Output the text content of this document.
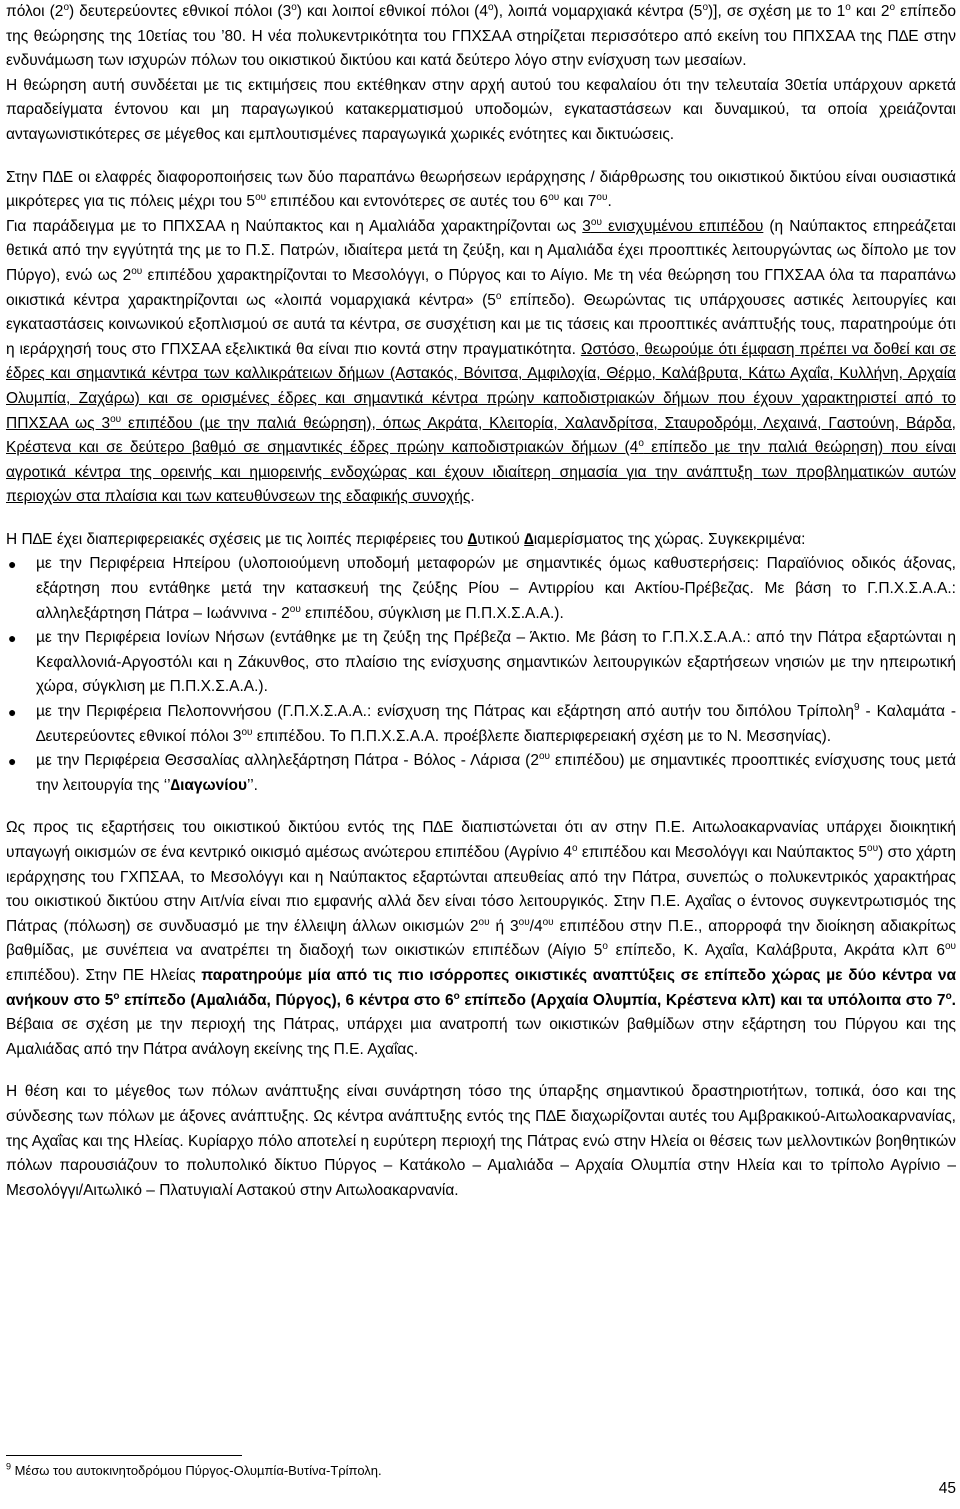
πόλοι $(2^o)$ δευτερεύοντες εθνικοί πόλοι $(3^o)$ και λοιποί εθνικοί πόλοι $(4^o)$, λοιπά νοµαρχιακά κέντρα $(5^o)$], σε σχέση µε το $1^o$ και $2^o$ επίπεδο της θεώρησης της 10ετίας του ’80. Η νέα πολυκεντρικότητα του ΓΠΧΣΑΑ στηρίζεται περισσότερο από εκείνη του ΠΠΧΣΑΑ της Π∆Ε στην ενδυνάµωση των ισχυρών πόλων του οικιστικού δικτύου και κατά δεύτερο λόγο στην ενίσχυση των µεσαίων.
Η θεώρηση αυτή συνδέεται µε τις εκτιµήσεις που εκτέθηκαν στην αρχή αυτού του κεφαλαίου ότι την τελευταία 30ετία υπάρχουν αρκετά παραδείγµατα έντονου και µη παραγωγικού κατακερµατισµού υποδοµών, εγκαταστάσεων και δυναµικού, τα οποία χρειάζονται ανταγωνιστικότερες σε µέγεθος και εµπλουτισµένες παραγωγικά χωρικές ενότητες και δικτυώσεις.

Στην Π∆Ε οι ελαφρές διαφοροποιήσεις των δύο παραπάνω θεωρήσεων ιεράρχησης / διάρθρωσης του οικιστικού δικτύου είναι ουσιαστικά µικρότερες για τις πόλεις µέχρι του $5^{o\upsilon}$ επιπέδου και εντονότερες σε αυτές του $6^{o\upsilon}$ και $7^{o\upsilon}$.
Για παράδειγµα µε το ΠΠΧΣΑΑ η Ναύπακτος και η Αµαλιάδα χαρακτηρίζονται ως $3^{o\upsilon}$ ενισχυµένου επιπέδου (η Ναύπακτος επηρεάζεται θετικά από την εγγύτητά της µε το Π.Σ. Πατρών, ιδιαίτερα µετά τη ζεύξη, και η Αµαλιάδα έχει προοπτικές λειτουργώντας ως δίπολο µε τον Πύργο), ενώ ως $2^{o\upsilon}$ επιπέδου χαρακτηρίζονται το Μεσολόγγι, ο Πύργος και το Αίγιο. Με τη νέα θεώρηση του ΓΠΧΣΑΑ όλα τα παραπάνω οικιστικά κέντρα χαρακτηρίζονται ως «λοιπά νοµαρχιακά κέντρα» ($5^o$ επίπεδο). Θεωρώντας τις υπάρχουσες αστικές λειτουργίες και εγκαταστάσεις κοινωνικού εξοπλισµού σε αυτά τα κέντρα, σε συσχέτιση και µε τις τάσεις και προοπτικές ανάπτυξής τους, παρατηρούµε ότι η ιεράρχησή τους στο ΓΠΧΣΑΑ εξελικτικά θα είναι πιο κοντά στην πραγµατικότητα. Ωστόσο, θεωρούµε ότι έµφαση πρέπει να δοθεί και σε έδρες και σηµαντικά κέντρα των καλλικράτειων δήµων (Αστακός, Βόνιτσα, Αµφιλοχία, Θέρµο, Καλάβρυτα, Κάτω Αχαΐα, Κυλλήνη, Αρχαία Ολυµπία, Ζαχάρω) και σε ορισµένες έδρες και σηµαντικά κέντρα πρώην καποδιστριακών δήµων που έχουν χαρακτηριστεί από το ΠΠΧΣΑΑ ως $3^{o\upsilon}$ επιπέδου (µε την παλιά θεώρηση), όπως Ακράτα, Κλειτορία, Χαλανδρίτσα, Σταυροδρόµι, Λεχαινά, Γαστούνη, Βάρδα, Κρέστενα και σε δεύτερο βαθµό σε σηµαντικές έδρες πρώην καποδιστριακών δήµων ($4^o$ επίπεδο µε την παλιά θεώρηση) που είναι αγροτικά κέντρα της ορεινής και ηµιορεινής ενδοχώρας και έχουν ιδιαίτερη σηµασία για την ανάπτυξη των προβληµατικών αυτών περιοχών στα πλαίσια και των κατευθύνσεων της εδαφικής συνοχής.

Η Π∆Ε έχει διαπεριφερειακές σχέσεις µε τις λοιπές περιφέρειες του ∆υτικού ∆ιαµερίσµατος της χώρας. Συγκεκριµένα:

● µε την Περιφέρεια Ηπείρου (υλοποιούµενη υποδοµή µεταφορών µε σηµαντικές όµως καθυστερήσεις: Παραϊόνιος οδικός άξονας, εξάρτηση που εντάθηκε µετά την κατασκευή της ζεύξης Ρίου – Αντιρρίου και Ακτίου-Πρέβεζας. Με βάση το Γ.Π.Χ.Σ.Α.Α.: αλληλεξάρτηση Πάτρα – Ιωάννινα - $2^{o\upsilon}$ επιπέδου, σύγκλιση µε Π.Π.Χ.Σ.Α.Α.).
● µε την Περιφέρεια Ιονίων Νήσων (εντάθηκε µε τη ζεύξη της Πρέβεζα – Άκτιο. Με βάση το Γ.Π.Χ.Σ.Α.Α.: από την Πάτρα εξαρτώνται η Κεφαλλονιά-Αργοστόλι και η Ζάκυνθος, στο πλαίσιο της ενίσχυσης σηµαντικών λειτουργικών εξαρτήσεων νησιών µε την ηπειρωτική χώρα, σύγκλιση µε Π.Π.Χ.Σ.Α.Α.).
● µε την Περιφέρεια Πελοποννήσου (Γ.Π.Χ.Σ.Α.Α.: ενίσχυση της Πάτρας και εξάρτηση από αυτήν του διπόλου Τρίπολη$^9$ - Καλαµάτα - ∆ευτερεύοντες εθνικοί πόλοι $3^{o\upsilon}$ επιπέδου. Το Π.Π.Χ.Σ.Α.Α. προέβλεπε διαπεριφερειακή σχέση µε το Ν. Μεσσηνίας).
● µε την Περιφέρεια Θεσσαλίας αλληλεξάρτηση Πάτρα - Βόλος - Λάρισα ($2^{o\upsilon}$ επιπέδου) µε σηµαντικές προοπτικές ενίσχυσης τους µετά την λειτουργία της ‘’∆ιαγωνίου’’.

Ως προς τις εξαρτήσεις του οικιστικού δικτύου εντός της Π∆Ε διαπιστώνεται ότι αν στην Π.Ε. Αιτωλοακαρνανίας υπάρχει διοικητική υπαγωγή οικισµών σε ένα κεντρικό οικισµό αµέσως ανώτερου επιπέδου (Αγρίνιο $4^o$ επιπέδου και Μεσολόγγι και Ναύπακτος $5^{o\upsilon}$) στο χάρτη ιεράρχησης του ΓΧΠΣΑΑ, το Μεσολόγγι και η Ναύπακτος εξαρτώνται απευθείας από την Πάτρα, συνεπώς ο πολυκεντρικός χαρακτήρας του οικιστικού δικτύου στην Αιτ/νία είναι πιο εµφανής αλλά δεν είναι τόσο λειτουργικός. Στην Π.Ε. Αχαΐας ο έντονος συγκεντρωτισµός της Πάτρας (πόλωση) σε συνδυασµό µε την έλλειψη άλλων οικισµών $2^{o\upsilon}$ ή $3^{o\upsilon}/4^{o\upsilon}$ επιπέδου στην Π.Ε., απορροφά την διοίκηση αδιακρίτως βαθµίδας, µε συνέπεια να ανατρέπει τη διαδοχή των οικιστικών επιπέδων (Αίγιο $5^o$ επίπεδο, Κ. Αχαΐα, Καλάβρυτα, Ακράτα κλπ $6^{o\upsilon}$ επιπέδου). Στην ΠΕ Ηλείας παρατηρούµε µία από τις πιο ισόρροπες οικιστικές αναπτύξεις σε επίπεδο χώρας µε δύο κέντρα να ανήκουν στο $5^o$ επίπεδο (Αµαλιάδα, Πύργος), 6 κέντρα στο $6^o$ επίπεδο (Αρχαία Ολυµπία, Κρέστενα κλπ) και τα υπόλοιπα στο $7^o$. Βέβαια σε σχέση µε την περιοχή της Πάτρας, υπάρχει µια ανατροπή των οικιστικών βαθµίδων στην εξάρτηση του Πύργου και της Αµαλιάδας από την Πάτρα ανάλογη εκείνης της Π.Ε. Αχαΐας.

Η θέση και το µέγεθος των πόλων ανάπτυξης είναι συνάρτηση τόσο της ύπαρξης σηµαντικού δραστηριοτήτων, τοπικά, όσο και της σύνδεσης των πόλων µε άξονες ανάπτυξης. Ως κέντρα ανάπτυξης εντός της Π∆Ε διαχωρίζονται αυτές του Αµβρακικού-Αιτωλοακαρνανίας, της Αχαΐας και της Ηλείας. Κυρίαρχο πόλο αποτελεί η ευρύτερη περιοχή της Πάτρας ενώ στην Ηλεία οι θέσεις των µελλοντικών βοηθητικών πόλων παρουσιάζουν το πολυπολικό δίκτυο Πύργος – Κατάκολο – Αµαλιάδα – Αρχαία Ολυµπία στην Ηλεία και το τρίπολο Αγρίνιο – Μεσολόγγι/Αιτωλικό – Πλατυγιαλί Αστακού στην Αιτωλοακαρνανία.

$^9$ Μέσω του αυτοκινητοδρόµου Πύργος-Ολυµπία-Βυτίνα-Τρίπολη.
45
